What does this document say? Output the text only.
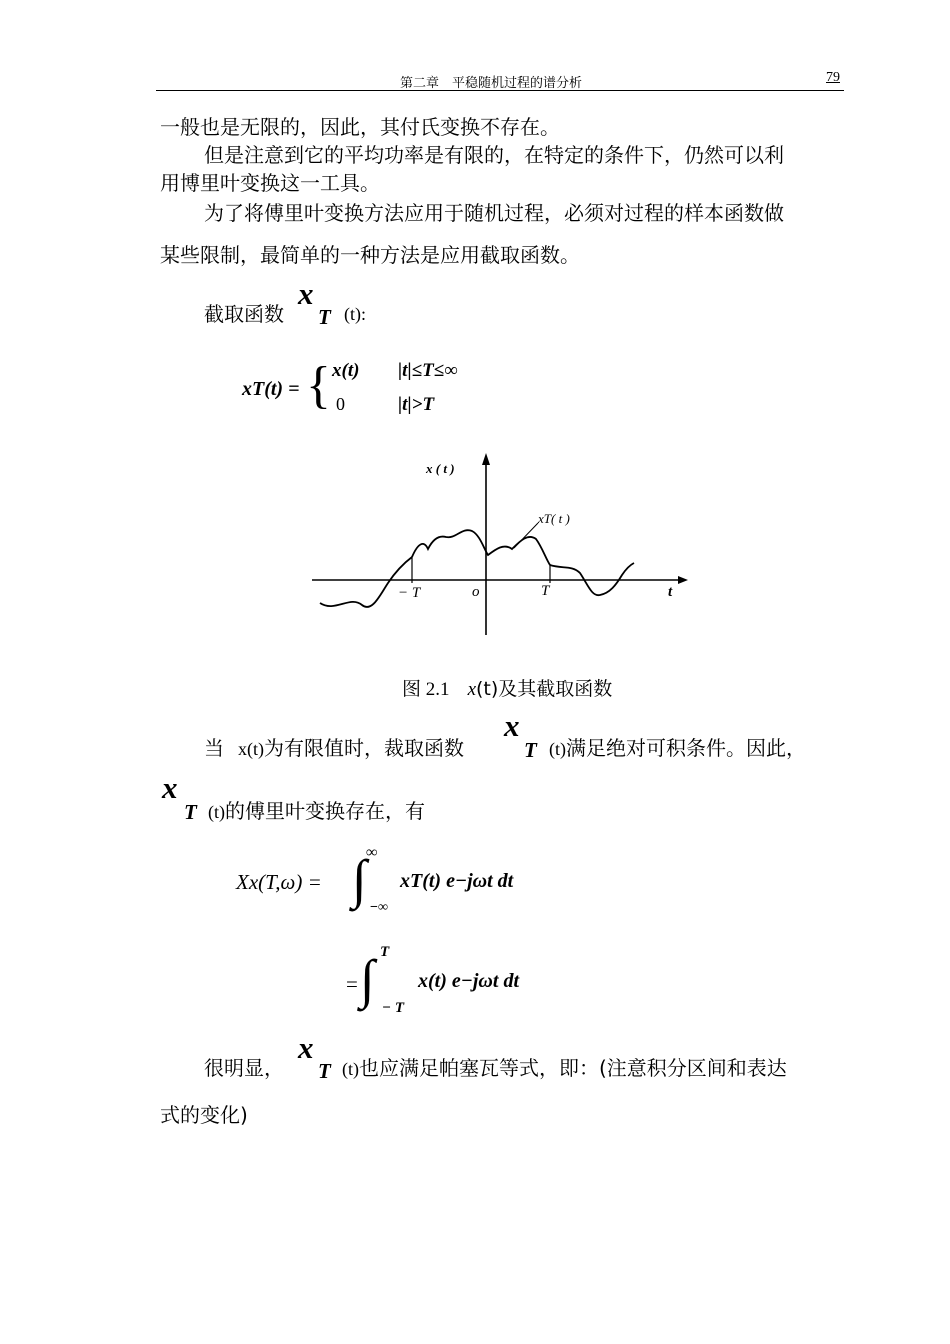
第二章　平稳随机过程的谱分析	79
一般也是无限的，因此，其付氏变换不存在。
但是注意到它的平均功率是有限的，在特定的条件下，仍然可以利
用博里叶变换这一工具。
为了将傅里叶变换方法应用于随机过程，必须对过程的样本函数做
某些限制，最简单的一种方法是应用截取函数。
截取函数
x
T (t):
xT(t) = { x(t) |t|≤T≤∞
0	|t|>T
x ( t )
xT( t )
− T	o	T	t
图 2.1 x(t)及其截取函数
当 x(t)为有限值时，裁取函数
x
T (t)满足绝对可积条件。因此，
x
T (t)的傅里叶变换存在，有
Xx(T,ω) = ∫ ∞
−∞
xT(t) e−jωt dt
= ∫ T
− T
x(t) e−jωt dt
很明显，
x
T (t)也应满足帕塞瓦等式，即：(注意积分区间和表达
式的变化)
